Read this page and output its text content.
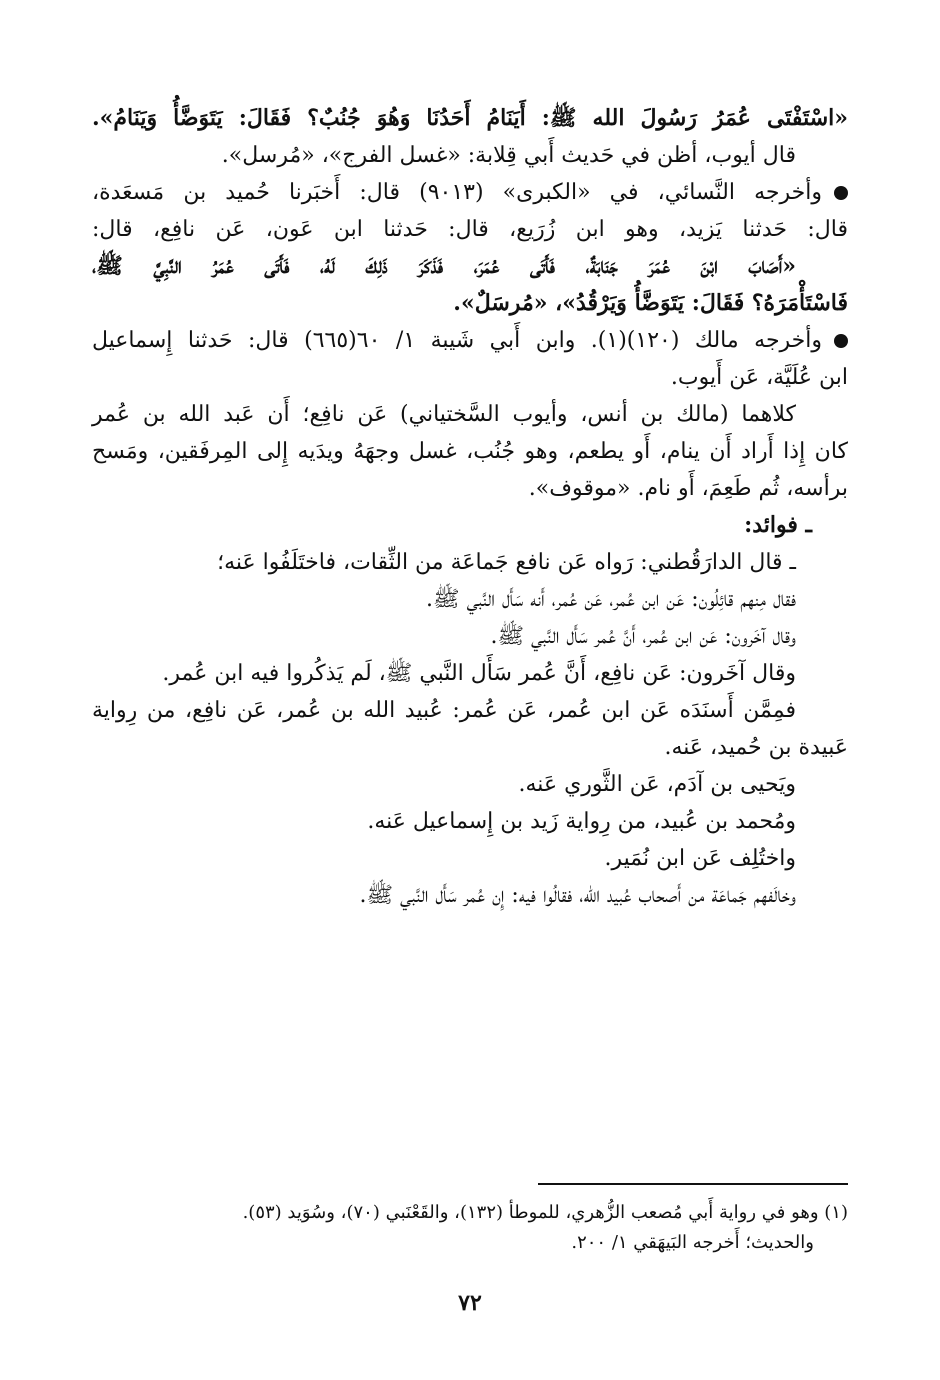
«اسْتَفْتَى عُمَرُ رَسُولَ الله ﷺ: أَيَنَامُ أَحَدُنَا وَهُوَ جُنُبٌ؟ فَقَالَ: يَتَوَضَّأُ وَيَنَامُ».

قال أيوب، أظن في حَديث أَبي قِلابة: «غسل الفرج»، «مُرسل».

وأخرجه النَّسائي، في «الكبرى» (٩٠١٣) قال: أَخبَرنا حُميد بن مَسعَدة،

قال: حَدثنا يَزيد، وهو ابن زُرَيع، قال: حَدثنا ابن عَون، عَن نافِع، قال:

«أَصَابَ ابْنَ عُمَرَ جَنَابَةٌ، فَأَتَى عُمَرَ، فَذَكَرَ ذَلِكَ لَهُ، فَأَتَى عُمَرُ النَّبِيَّ ﷺ،

فَاسْتَأْمَرَهُ؟ فَقَالَ: يَتَوَضَّأُ وَيَرْقُدُ»، «مُرسَلٌ».

وأخرجه مالك (١٢٠)(١). وابن أَبي شَيبة ١/ ٦٠(٦٦٥) قال: حَدثنا إِسماعيل

ابن عُلَيَّة، عَن أَيوب.

كلاهما (مالك بن أنس، وأيوب السَّختياني) عَن نافِع؛ أَن عَبد الله بن عُمر

كان إِذا أَراد أَن ينام، أَو يطعم، وهو جُنُب، غسل وجهَهُ ويدَيه إِلى المِرفَقين، ومَسح

برأسه، ثُم طَعِمَ، أَو نام. «موقوف».

ـ فوائد:

ـ قال الدارَقُطني: رَواه عَن نافع جَماعَة من الثِّقات، فاختَلَفُوا عَنه؛

فقال مِنهم قائِلُون: عَن ابن عُمر، عَن عُمر، أَنه سَأَل النَّبي ﷺ.

وقال آخَرون: عَن ابن عُمر، أَنَّ عُمر سَأَل النَّبي ﷺ.

وقال آخَرون: عَن نافِع، أَنَّ عُمر سَأَل النَّبي ﷺ، لَم يَذكُروا فيه ابن عُمر.

فمِمَّن أَسنَدَه عَن ابن عُمر، عَن عُمر: عُبيد الله بن عُمر، عَن نافِع، من رِواية

عَبيدة بن حُميد، عَنه.

ويَحيى بن آدَم، عَن الثَّوري عَنه.

ومُحمد بن عُبيد، من رِواية زَيد بن إِسماعيل عَنه.

واختُلِف عَن ابن نُمَير.

وخالَفهم جَماعَة من أَصحاب عُبيد الله، فقالُوا فيه: إِن عُمر سَأَل النَّبي ﷺ.

(١) وهو في رواية أَبي مُصعب الزُّهري، للموطأ (١٣٢)، والقَعْنَبي (٧٠)، وسُوَيد (٥٣).

والحديث؛ أَخرجه البَيهَقي ١/ ٢٠٠.

٧٢
